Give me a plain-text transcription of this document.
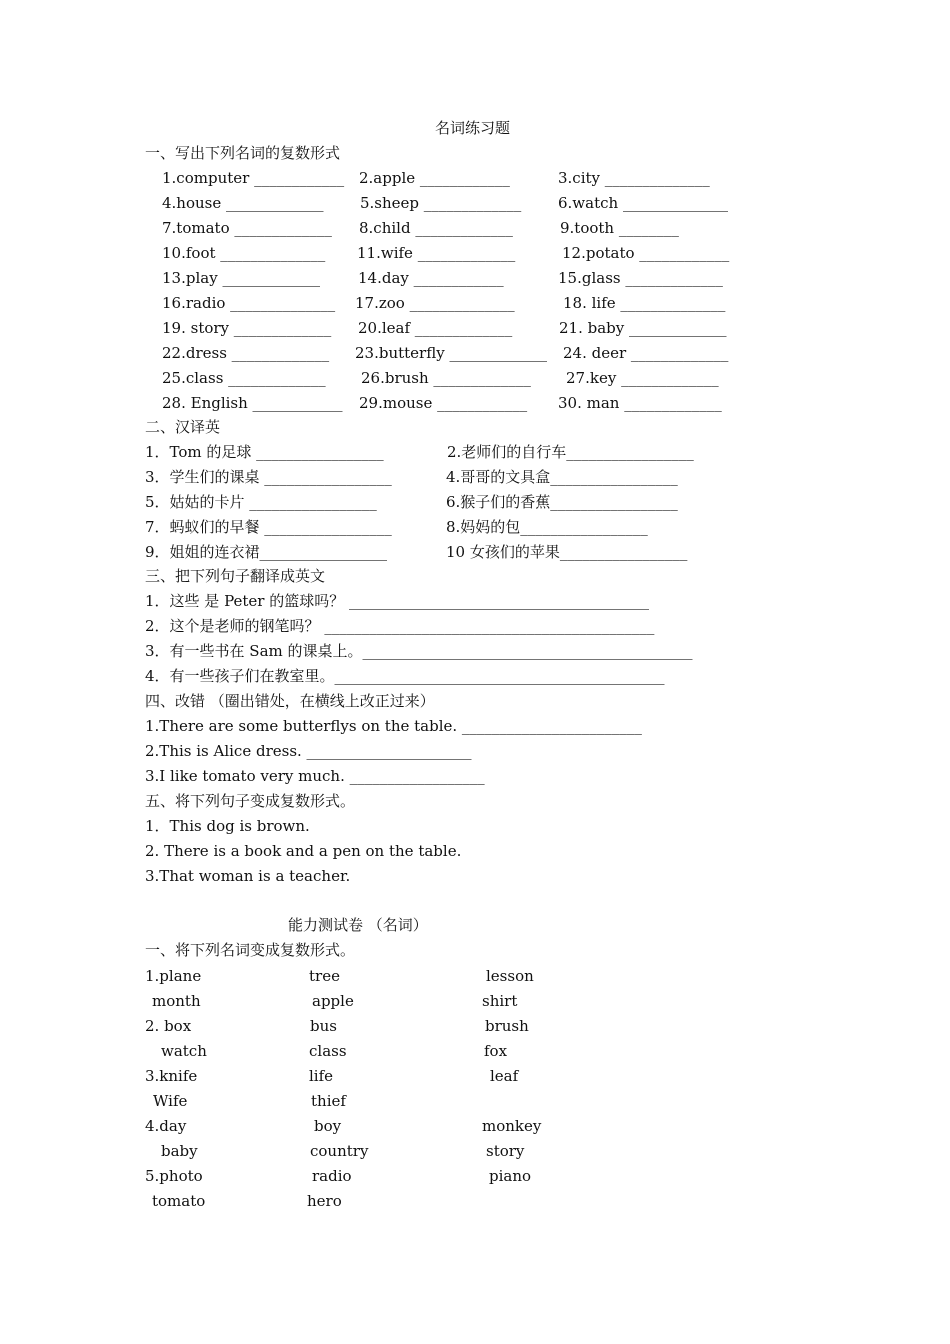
名词练习题
一、写出下列名词的复数形式
1.computer ____________ 2.apple ____________	3.city ______________
4.house _____________ 5.sheep _____________ 6.watch ______________
7.tomato _____________ 8.child _____________	9.tooth ________
10.foot ______________ 11.wife _____________	12.potato ____________
13.play _____________	14.day ____________	15.glass _____________
16.radio ______________ 17.zoo ______________	18. life ______________
19. story _____________ 20.leaf _____________	21. baby _____________
22.dress _____________ 23.butterfly _____________ 24. deer _____________
25.class _____________ 26.brush _____________ 27.key _____________
28. English ____________ 29.mouse ____________ 30. man _____________
二、汉译英
1．Tom 的足球 _________________	2.老师们的自行车_________________
3．学生们的课桌 _________________	4.哥哥的文具盒_________________
5．姑姑的卡片 _________________	6.猴子们的香蕉_________________
7．蚂蚁们的早餐 _________________	8.妈妈的包_________________
9．姐姐的连衣裙_________________	10 女孩们的苹果_________________
三、把下列句子翻译成英文
1．这些 是 Peter 的篮球吗？ ________________________________________
2．这个是老师的钢笔吗？ ____________________________________________
3．有一些书在 Sam 的课桌上。____________________________________________
4．有一些孩子们在教室里。____________________________________________
四、改错 （圈出错处，在横线上改正过来）
1.There are some butterflys on the table. ________________________
2.This is Alice dress. ______________________
3.I like tomato very much. __________________
五、将下列句子变成复数形式。
1．This dog is brown.
2. There is a book and a pen on the table.
3.That woman is a teacher.
能力测试卷 （名词）
一、将下列名词变成复数形式。
1.plane	tree	lesson
month	apple	shirt
2. box	bus	brush
watch	class	fox
3.knife	life	leaf
Wife	thief
4.day	boy	monkey
baby	country	story
5.photo	radio	piano
tomato	hero
